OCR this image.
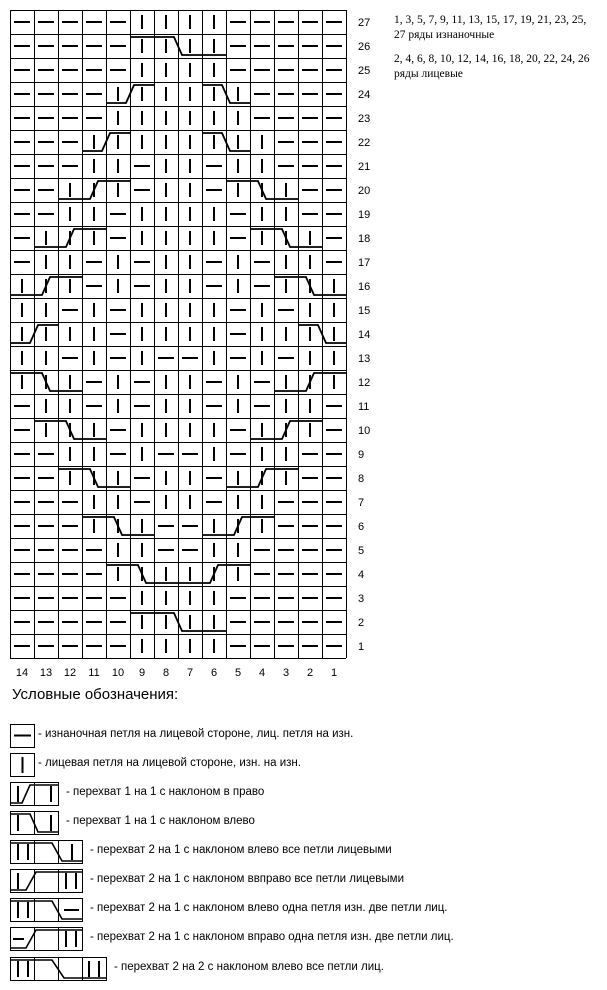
27
26
25
24
23
22
21
20
19
18
17
16
15
14
13
12
11
10
9
8
7
6
5
4
3
2
1
14 13 12 11 10 9 8 7 6 5 4 3 2 1

1, 3, 5, 7, 9, 11, 13, 15, 17, 19, 21, 23, 25, 27 ряды изнаночные

2, 4, 6, 8, 10, 12, 14, 16, 18, 20, 22, 24, 26 ряды лицевые

Условные обозначения:
- изнаночная петля на лицевой стороне, лиц. петля на изн.
- лицевая петля на лицевой стороне, изн. на изн.
- перехват 1 на 1 с наклоном в право
- перехват 1 на 1 с наклоном влево
- перехват 2 на 1 с наклоном влево все петли лицевыми
- перехват 2 на 1 с наклоном ввправо все петли лицевыми
- перехват 2 на 1 с наклоном влево одна петля изн. две петли лиц.
- перехват 2 на 1 с наклоном вправо одна петля изн. две петли лиц.
- перехват 2 на 2 с наклоном влево все петли лиц.
